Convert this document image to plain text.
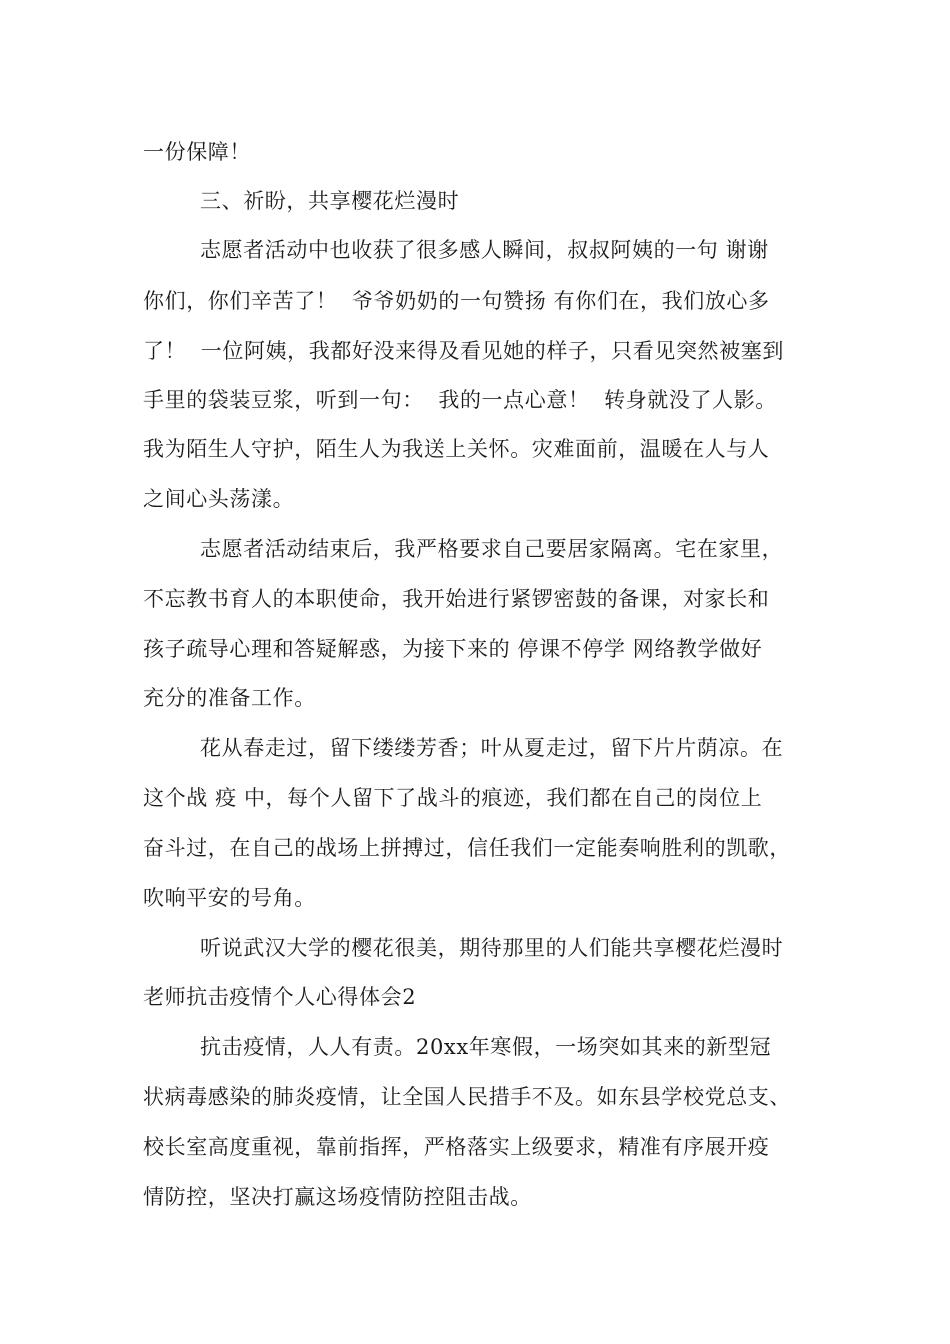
一份保障！
三、祈盼，共享樱花烂漫时
志愿者活动中也收获了很多感人瞬间，叔叔阿姨的一句 谢谢
你们，你们辛苦了！  爷爷奶奶的一句赞扬 有你们在，我们放心多
了！  一位阿姨，我都好没来得及看见她的样子，只看见突然被塞到
手里的袋装豆浆，听到一句：  我的一点心意！  转身就没了人影。
我为陌生人守护，陌生人为我送上关怀。灾难面前，温暖在人与人
之间心头荡漾。
志愿者活动结束后，我严格要求自己要居家隔离。宅在家里，
不忘教书育人的本职使命，我开始进行紧锣密鼓的备课，对家长和
孩子疏导心理和答疑解惑，为接下来的 停课不停学 网络教学做好
充分的准备工作。
花从春走过，留下缕缕芳香；叶从夏走过，留下片片荫凉。在
这个战 疫 中，每个人留下了战斗的痕迹，我们都在自己的岗位上
奋斗过，在自己的战场上拼搏过，信任我们一定能奏响胜利的凯歌，
吹响平安的号角。
听说武汉大学的樱花很美，期待那里的人们能共享樱花烂漫时
老师抗击疫情个人心得体会2
抗击疫情，人人有责。20xx年寒假，一场突如其来的新型冠
状病毒感染的肺炎疫情，让全国人民措手不及。如东县学校党总支、
校长室高度重视，靠前指挥，严格落实上级要求，精准有序展开疫
情防控，坚决打赢这场疫情防控阻击战。
